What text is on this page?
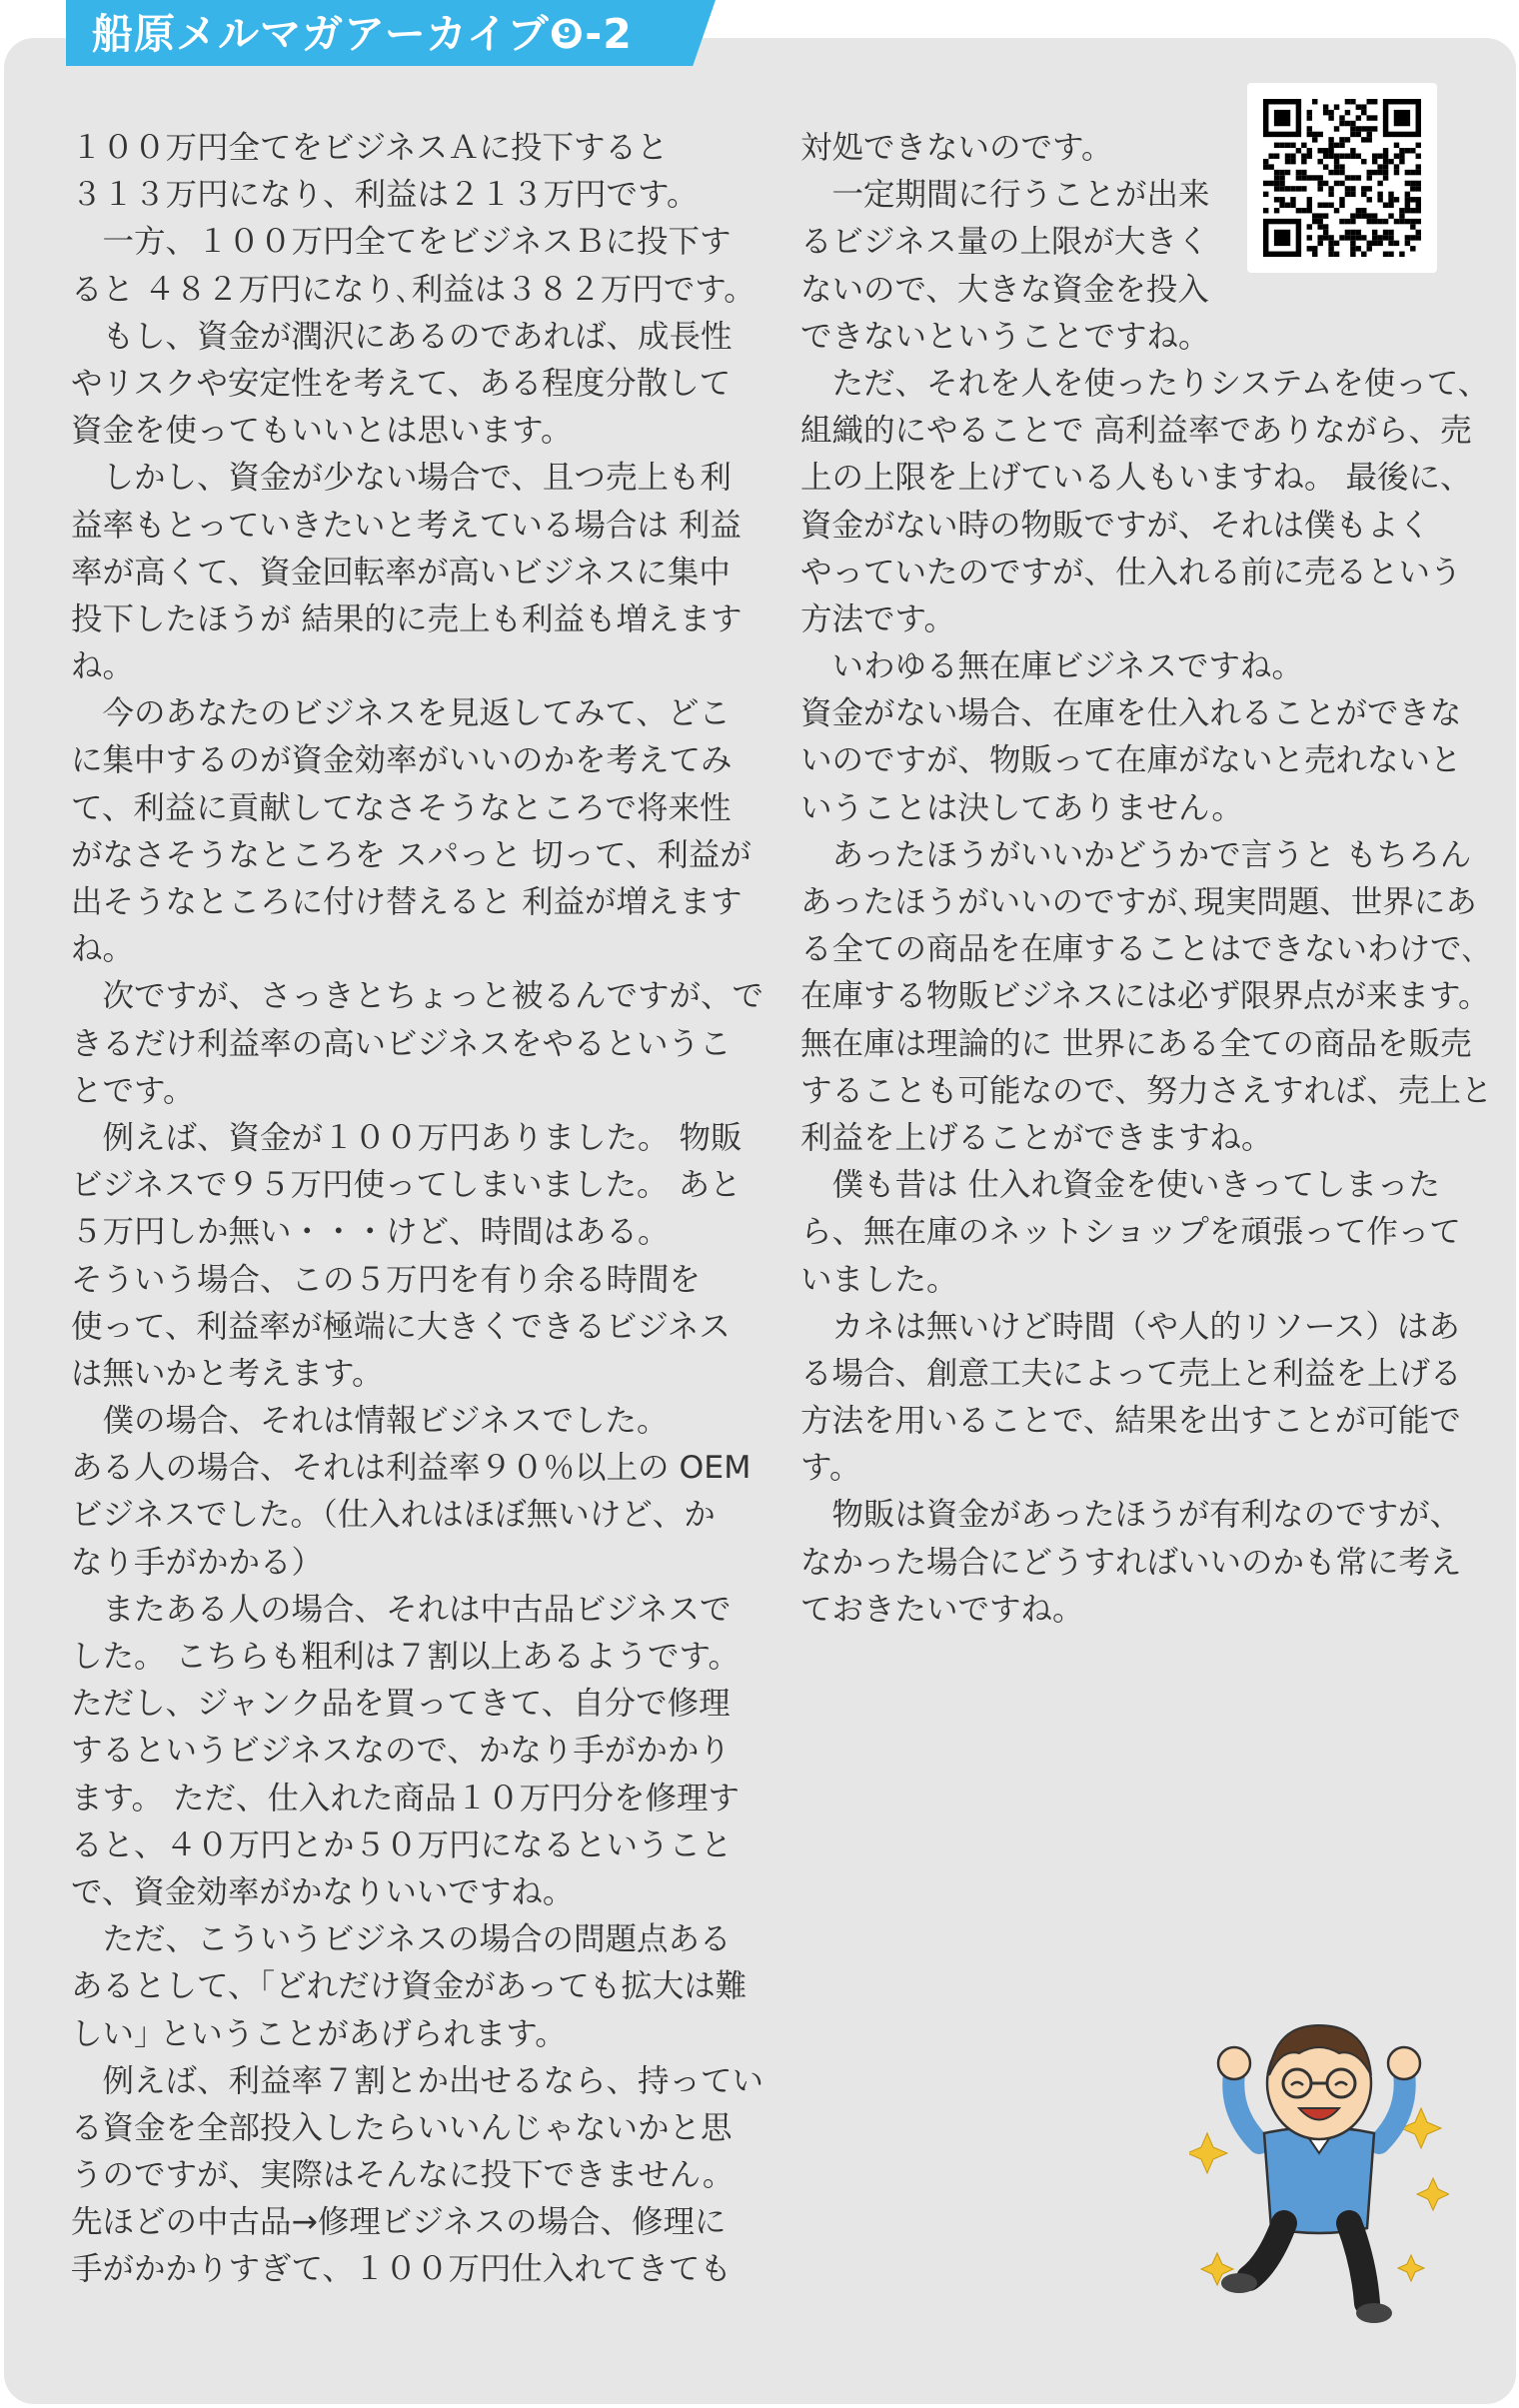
船原メルマガアーカイブ❾-2
１００万円全てをビジネスＡに投下すると
３１３万円になり、利益は２１３万円です。
　一方、１００万円全てをビジネスＢに投下す
ると ４８２万円になり､利益は３８２万円です。
　もし、資金が潤沢にあるのであれば、成長性
やリスクや安定性を考えて、ある程度分散して
資金を使ってもいいとは思います。
　しかし、資金が少ない場合で、且つ売上も利
益率もとっていきたいと考えている場合は 利益
率が高くて、資金回転率が高いビジネスに集中
投下したほうが 結果的に売上も利益も増えます
ね。
　今のあなたのビジネスを見返してみて、どこ
に集中するのが資金効率がいいのかを考えてみ
て、利益に貢献してなさそうなところで将来性
がなさそうなところを スパっと 切って、利益が
出そうなところに付け替えると 利益が増えます
ね。
　次ですが、さっきとちょっと被るんですが、で
きるだけ利益率の高いビジネスをやるというこ
とです。
　例えば、資金が１００万円ありました。 物販
ビジネスで９５万円使ってしまいました。 あと
５万円しか無い・・・けど、時間はある。
そういう場合、この５万円を有り余る時間を
使って、利益率が極端に大きくできるビジネス
は無いかと考えます。
　僕の場合、それは情報ビジネスでした。
ある人の場合、それは利益率９０％以上の OEM
ビジネスでした。（仕入れはほぼ無いけど、か
なり手がかかる）
　またある人の場合、それは中古品ビジネスで
した。 こちらも粗利は７割以上あるようです。
ただし、ジャンク品を買ってきて、自分で修理
するというビジネスなので、かなり手がかかり
ます。 ただ、仕入れた商品１０万円分を修理す
ると、４０万円とか５０万円になるということ
で、資金効率がかなりいいですね。
　ただ、こういうビジネスの場合の問題点ある
あるとして、｢どれだけ資金があっても拡大は難
しい｣ ということがあげられます。
　例えば、利益率７割とか出せるなら、持ってい
る資金を全部投入したらいいんじゃないかと思
うのですが、実際はそんなに投下できません。
先ほどの中古品→修理ビジネスの場合、修理に
手がかかりすぎて、１００万円仕入れてきても
対処できないのです。
　一定期間に行うことが出来
るビジネス量の上限が大きく
ないので、大きな資金を投入
できないということですね。
　ただ、それを人を使ったりシステムを使って、
組織的にやることで 高利益率でありながら、売
上の上限を上げている人もいますね。 最後に、
資金がない時の物販ですが、それは僕もよく
やっていたのですが、仕入れる前に売るという
方法です。
　いわゆる無在庫ビジネスですね。
資金がない場合、在庫を仕入れることができな
いのですが、物販って在庫がないと売れないと
いうことは決してありません。
　あったほうがいいかどうかで言うと もちろん
あったほうがいいのですが､現実問題、世界にあ
る全ての商品を在庫することはできないわけで､
在庫する物販ビジネスには必ず限界点が来ます。
無在庫は理論的に 世界にある全ての商品を販売
することも可能なので、努力さえすれば、売上と
利益を上げることができますね。
　僕も昔は 仕入れ資金を使いきってしまった
ら、無在庫のネットショップを頑張って作って
いました。
　カネは無いけど時間（や人的リソース）はあ
る場合、創意工夫によって売上と利益を上げる
方法を用いることで、結果を出すことが可能で
す。
　物販は資金があったほうが有利なのですが、
なかった場合にどうすればいいのかも常に考え
ておきたいですね。
